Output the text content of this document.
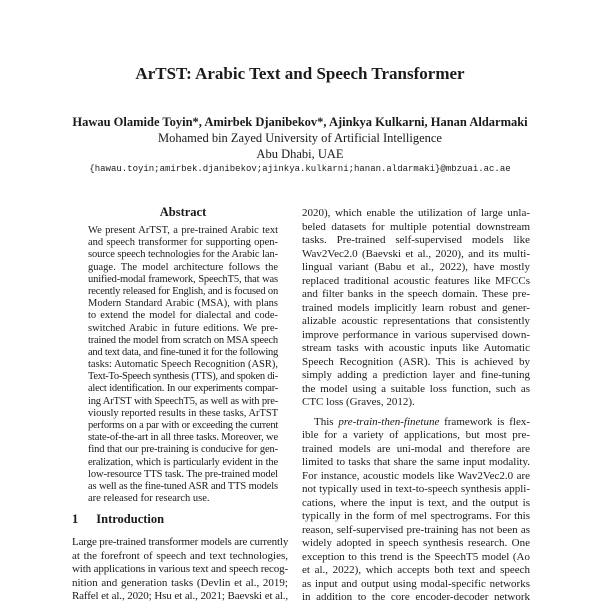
ArTST: Arabic Text and Speech Transformer
Hawau Olamide Toyin*, Amirbek Djanibekov*, Ajinkya Kulkarni, Hanan Aldarmaki
Mohamed bin Zayed University of Artificial Intelligence
Abu Dhabi, UAE
{hawau.toyin;amirbek.djanibekov;ajinkya.kulkarni;hanan.aldarmaki}@mbzuai.ac.ae
Abstract
We present ArTST, a pre-trained Arabic text
and speech transformer for supporting open-
source speech technologies for the Arabic lan-
guage. The model architecture follows the
unified-modal framework, SpeechT5, that was
recently released for English, and is focused on
Modern Standard Arabic (MSA), with plans
to extend the model for dialectal and code-
switched Arabic in future editions. We pre-
trained the model from scratch on MSA speech
and text data, and fine-tuned it for the following
tasks: Automatic Speech Recognition (ASR),
Text-To-Speech synthesis (TTS), and spoken di-
alect identification. In our experiments compar-
ing ArTST with SpeechT5, as well as with pre-
viously reported results in these tasks, ArTST
performs on a par with or exceeding the current
state-of-the-art in all three tasks. Moreover, we
find that our pre-training is conducive for gen-
eralization, which is particularly evident in the
low-resource TTS task. The pre-trained model
as well as the fine-tuned ASR and TTS models
are released for research use.
1 Introduction
Large pre-trained transformer models are currently
at the forefront of speech and text technologies,
with applications in various text and speech recog-
nition and generation tasks (Devlin et al., 2019;
Raffel et al., 2020; Hsu et al., 2021; Baevski et al.,
2020), which enable the utilization of large unla-
beled datasets for multiple potential downstream
tasks. Pre-trained self-supervised models like
Wav2Vec2.0 (Baevski et al., 2020), and its multi-
lingual variant (Babu et al., 2022), have mostly
replaced traditional acoustic features like MFCCs
and filter banks in the speech domain. These pre-
trained models implicitly learn robust and gener-
alizable acoustic representations that consistently
improve performance in various supervised down-
stream tasks with acoustic inputs like Automatic
Speech Recognition (ASR). This is achieved by
simply adding a prediction layer and fine-tuning
the model using a suitable loss function, such as
CTC loss (Graves, 2012).
This pre-train-then-finetune framework is flex-
ible for a variety of applications, but most pre-
trained models are uni-modal and therefore are
limited to tasks that share the same input modality.
For instance, acoustic models like Wav2Vec2.0 are
not typically used in text-to-speech synthesis appli-
cations, where the input is text, and the output is
typically in the form of mel spectrograms. For this
reason, self-supervised pre-training has not been as
widely adopted in speech synthesis research. One
exception to this trend is the SpeechT5 model (Ao
et al., 2022), which accepts both text and speech
as input and output using modal-specific networks
in addition to the core encoder-decoder network
